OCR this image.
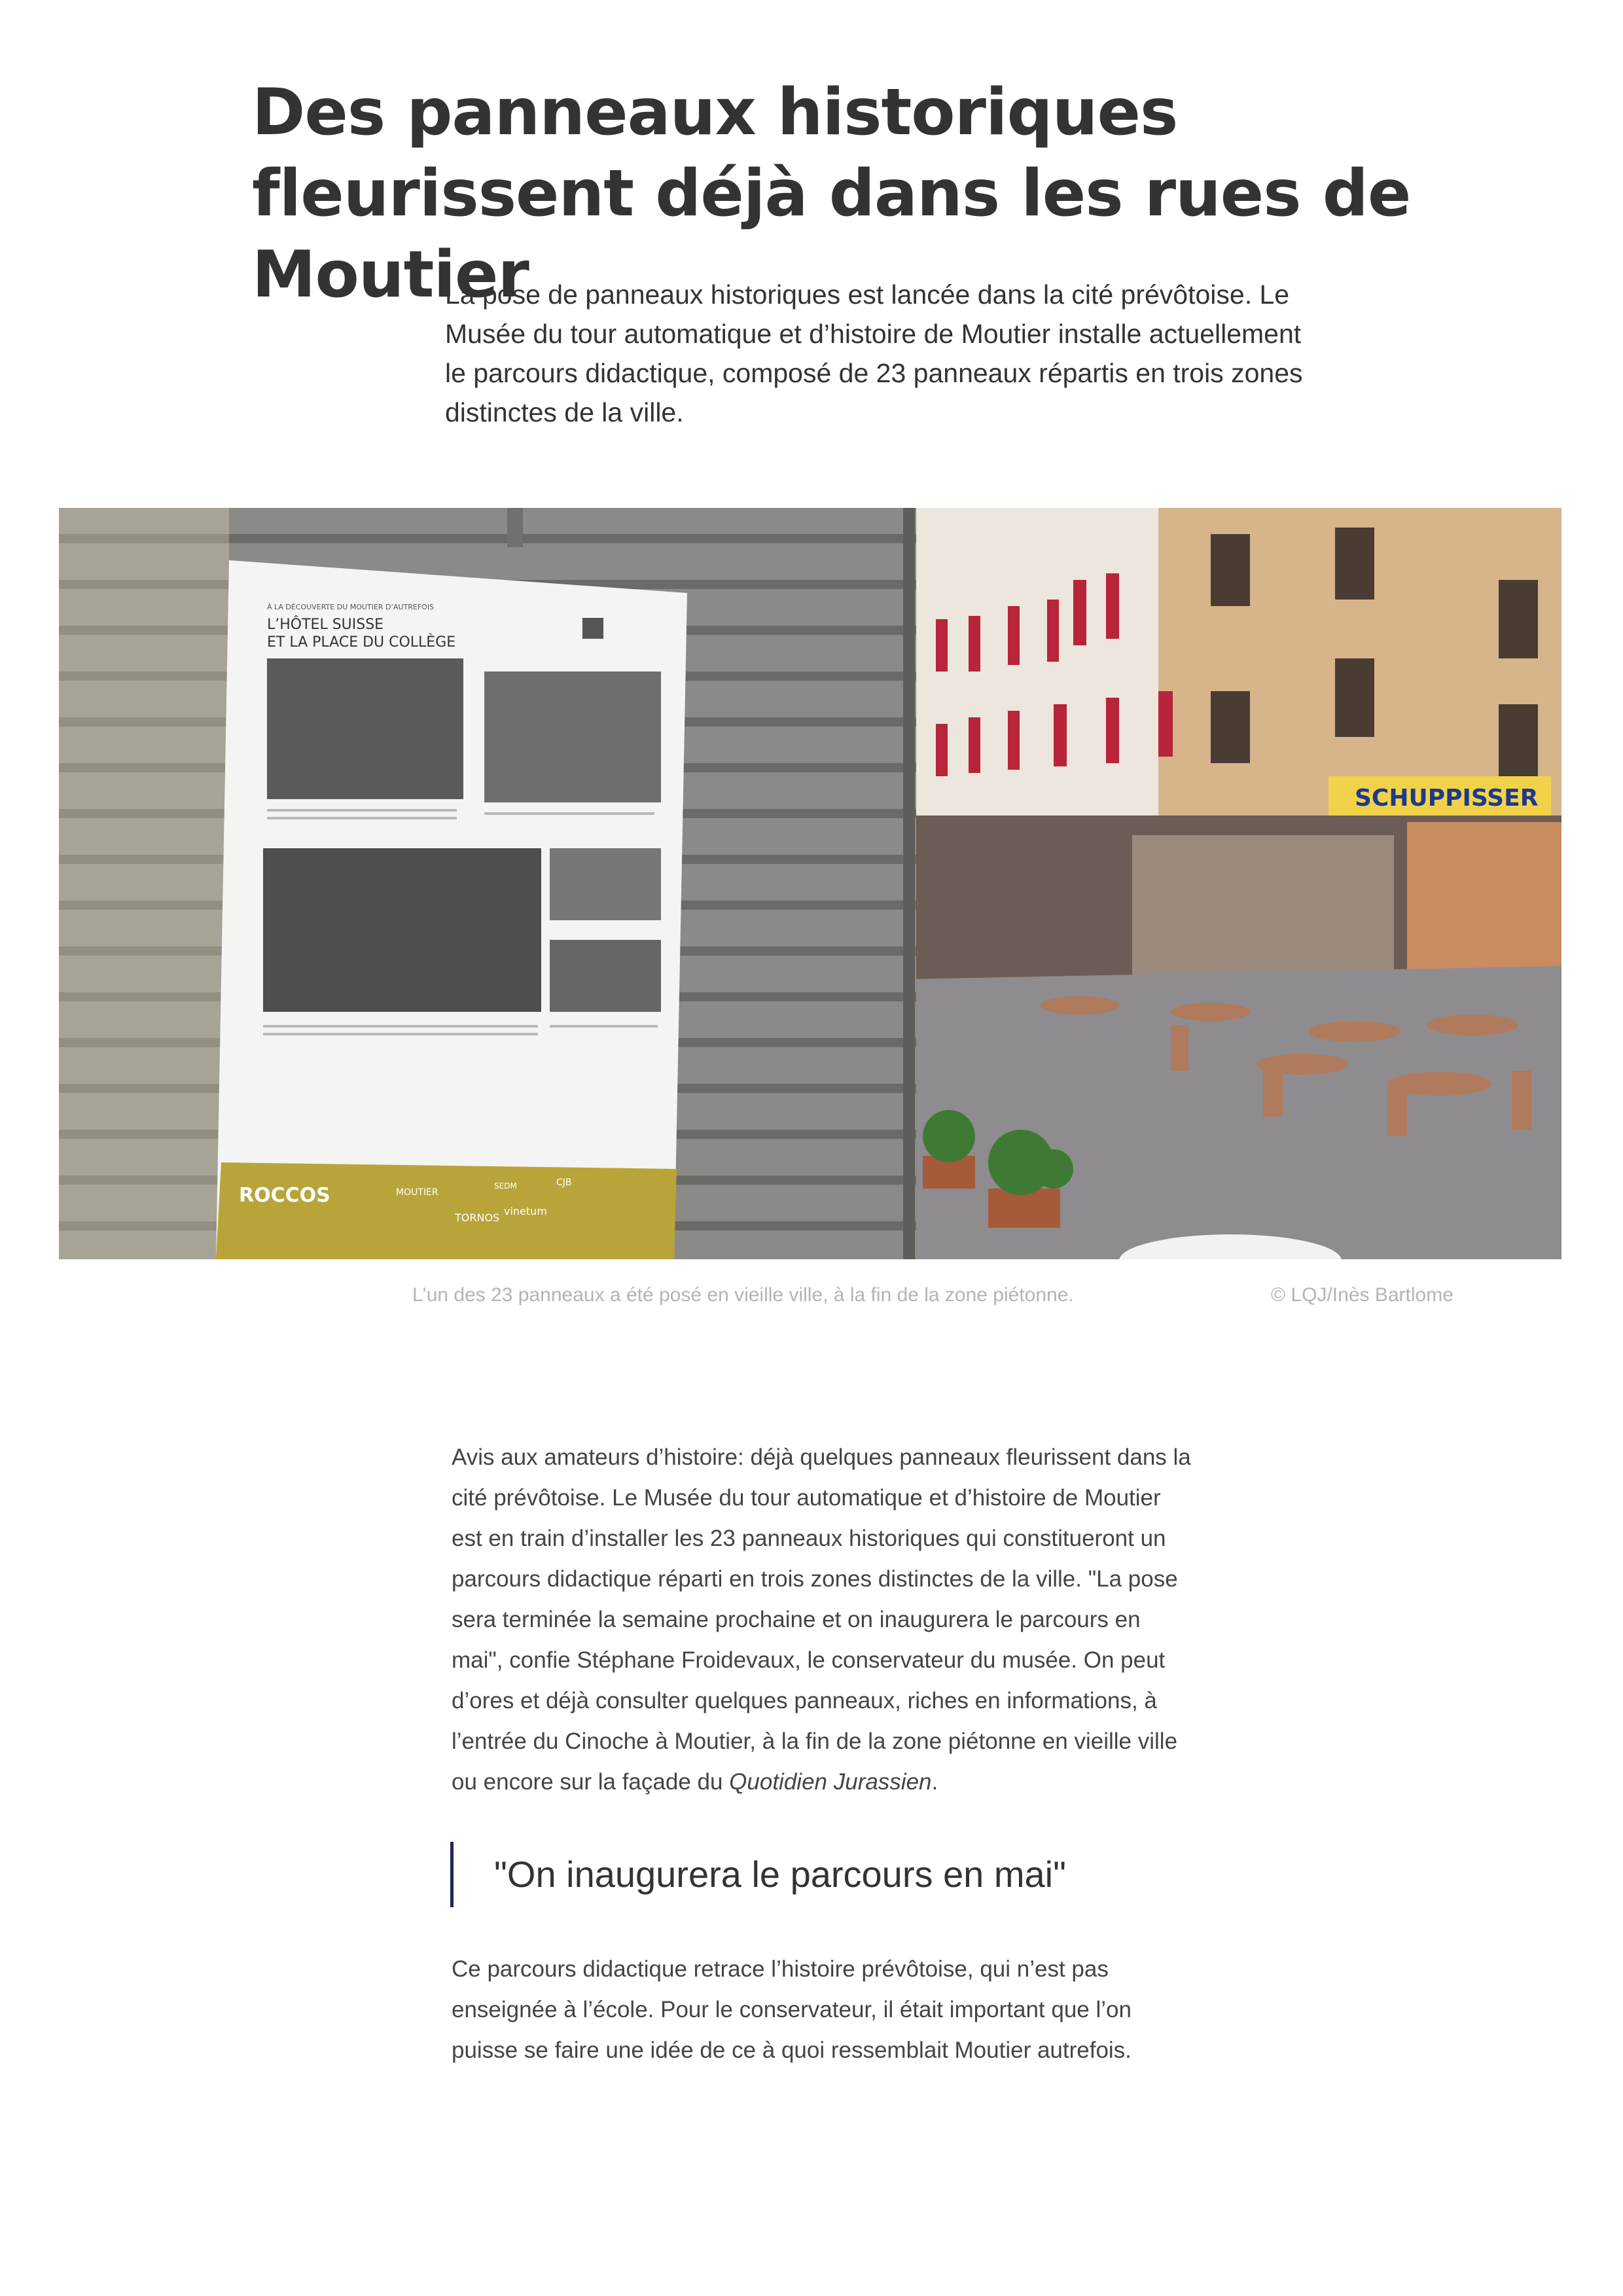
Des panneaux historiques fleurissent déjà dans les rues de Moutier

La pose de panneaux historiques est lancée dans la cité prévôtoise. Le Musée du tour automatique et d’histoire de Moutier installe actuellement le parcours didactique, composé de 23 panneaux répartis en trois zones distinctes de la ville.

SCHUPPISSER
À LA DÉCOUVERTE DU MOUTIER D’AUTREFOIS
L’HÔTEL SUISSE
ET LA PLACE DU COLLÈGE
ROCCOS	MOUTIER
SEDM	CJB
TORNOS
vinetum
L’un des 23 panneaux a été posé en vieille ville, à la fin de la zone piétonne.	© LQJ/Inès Bartlome

Avis aux amateurs d’histoire: déjà quelques panneaux fleurissent dans la cité prévôtoise. Le Musée du tour automatique et d’histoire de Moutier est en train d’installer les 23 panneaux historiques qui constitueront un parcours didactique réparti en trois zones distinctes de la ville. "La pose sera terminée la semaine prochaine et on inaugurera le parcours en mai", confie Stéphane Froidevaux, le conservateur du musée. On peut d’ores et déjà consulter quelques panneaux, riches en informations, à l’entrée du Cinoche à Moutier, à la fin de la zone piétonne en vieille ville ou encore sur la façade du Quotidien Jurassien.

"On inaugurera le parcours en mai"

Ce parcours didactique retrace l’histoire prévôtoise, qui n’est pas enseignée à l’école. Pour le conservateur, il était important que l’on puisse se faire une idée de ce à quoi ressemblait Moutier autrefois.
